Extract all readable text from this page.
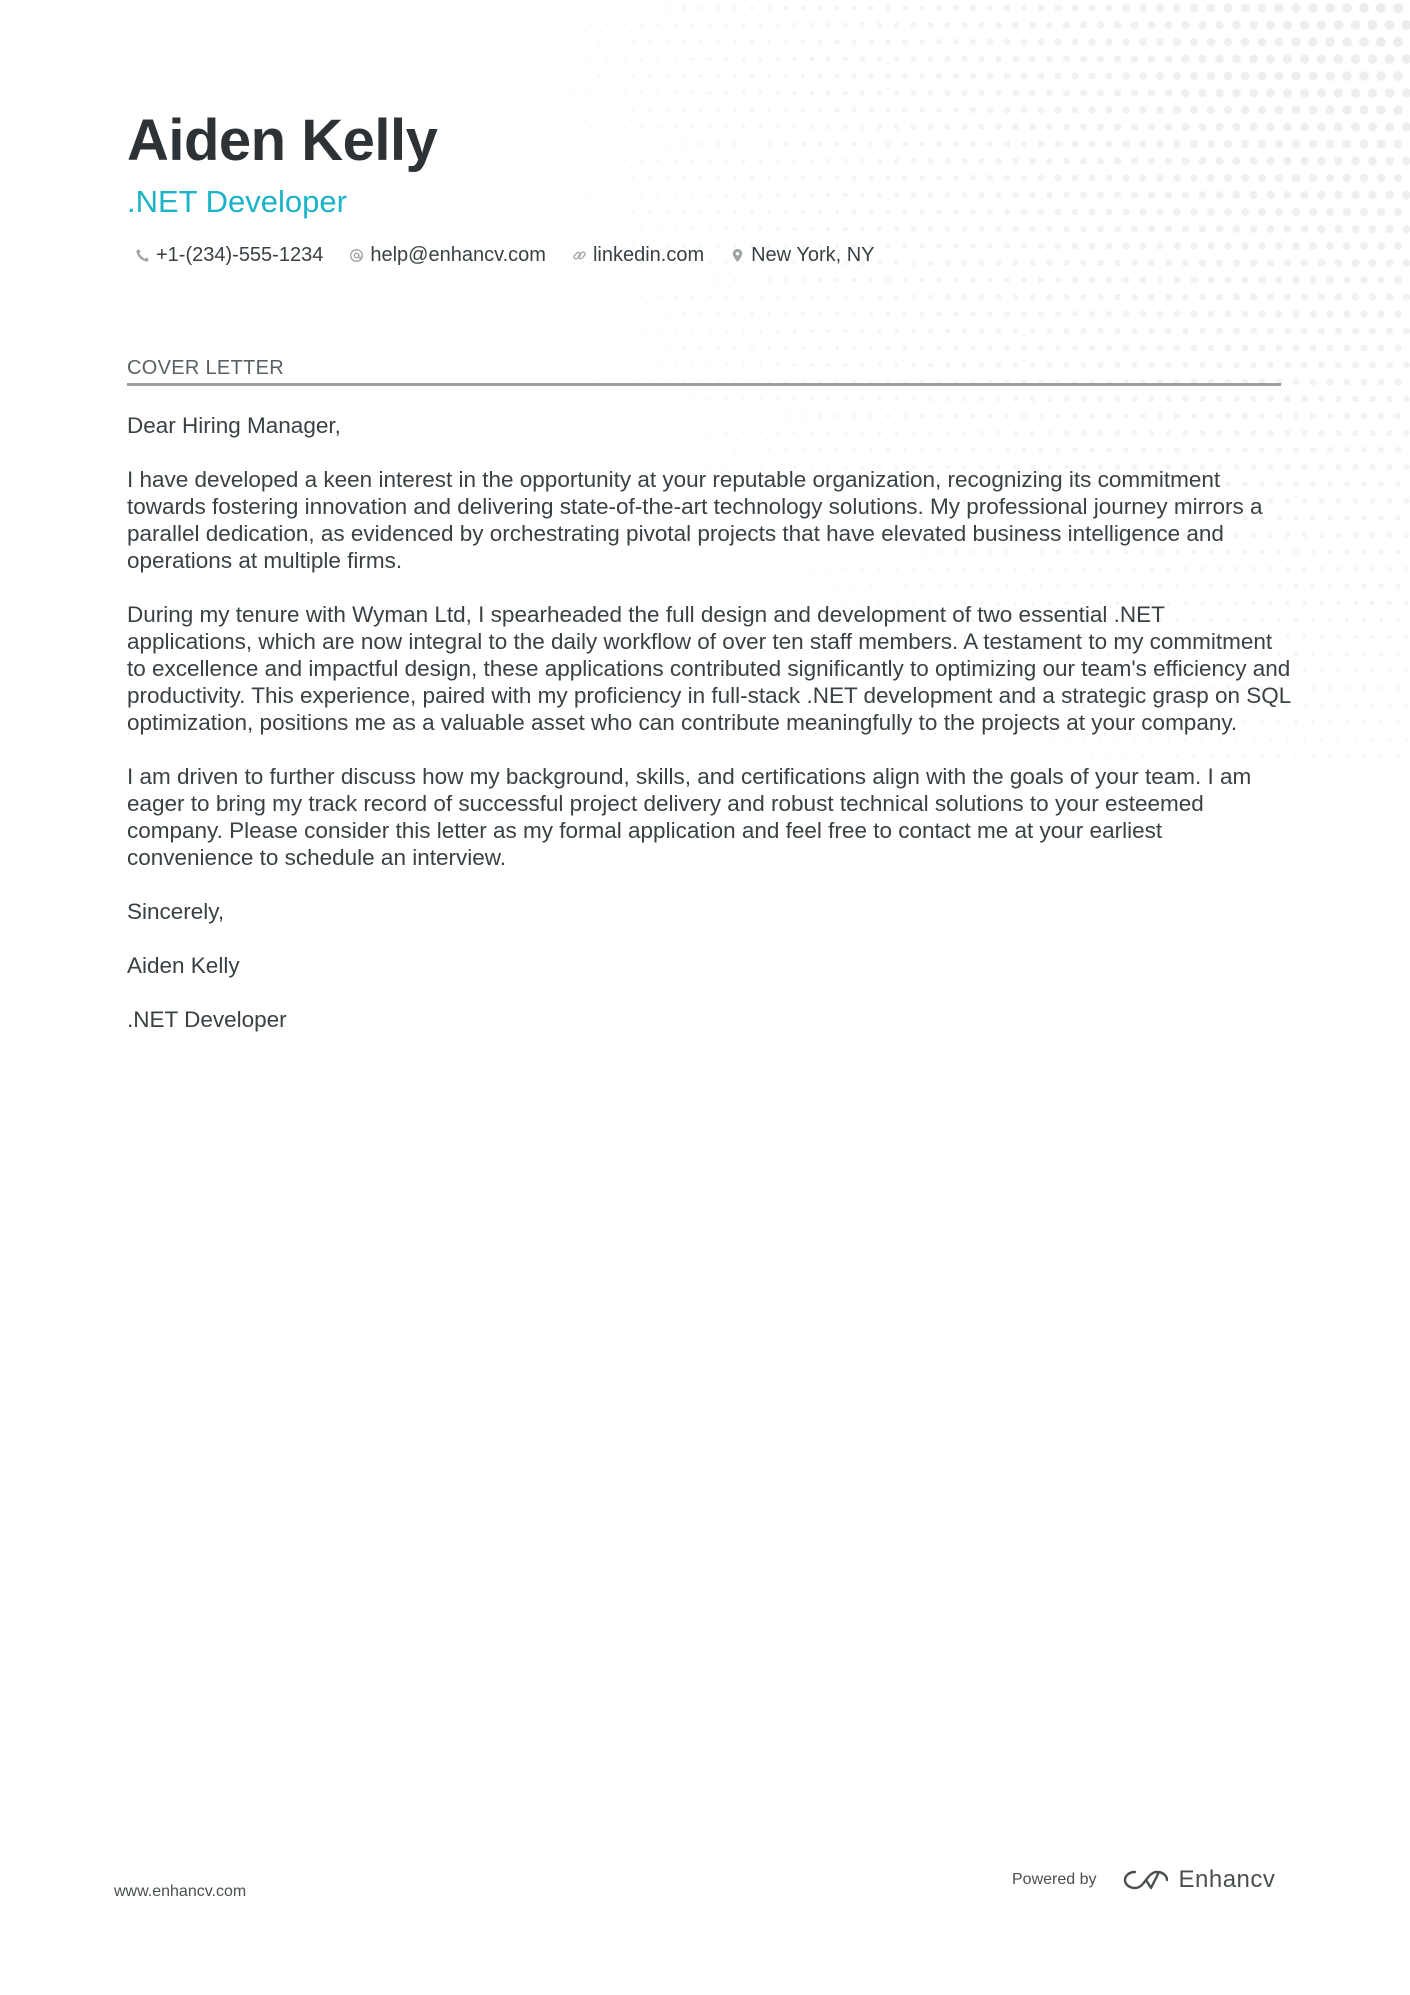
Aiden Kelly
.NET Developer
+1-(234)-555-1234 help@enhancv.com linkedin.com New York, NY
COVER LETTER

Dear Hiring Manager,

I have developed a keen interest in the opportunity at your reputable organization, recognizing its commitment towards fostering innovation and delivering state-of-the-art technology solutions. My professional journey mirrors a parallel dedication, as evidenced by orchestrating pivotal projects that have elevated business intelligence and operations at multiple firms.

During my tenure with Wyman Ltd, I spearheaded the full design and development of two essential .NET applications, which are now integral to the daily workflow of over ten staff members. A testament to my commitment to excellence and impactful design, these applications contributed significantly to optimizing our team's efficiency and productivity. This experience, paired with my proficiency in full-stack .NET development and a strategic grasp on SQL optimization, positions me as a valuable asset who can contribute meaningfully to the projects at your company.

I am driven to further discuss how my background, skills, and certifications align with the goals of your team. I am eager to bring my track record of successful project delivery and robust technical solutions to your esteemed company. Please consider this letter as my formal application and feel free to contact me at your earliest convenience to schedule an interview.

Sincerely,

Aiden Kelly

.NET Developer

www.enhancv.com
Powered by	Enhancv
